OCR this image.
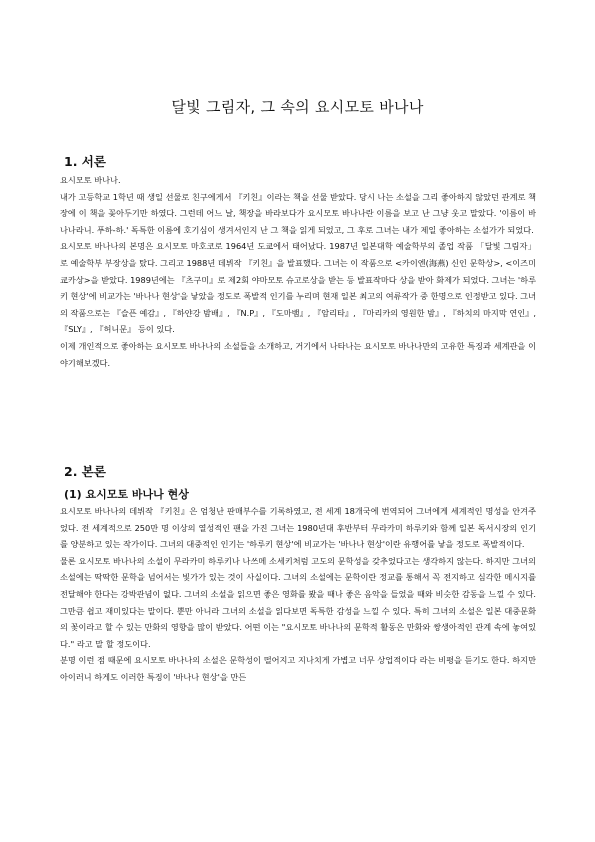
달빛 그림자, 그 속의 요시모토 바나나
1. 서론

요시모토 바나나.

내가 고등학교 1학년 때 생일 선물로 친구에게서 『키친』이라는 책을 선물 받았다. 당시 나는 소설을 그리 좋아하지 않았던 관계로 책장에 이 책을 꽂아두기만 하였다. 그런데 어느 날, 책장을 바라보다가 요시모토 바나나란 이름을 보고 난 그냥 웃고 말았다. '이름이 바나나라니. 푸하-하.' 독특한 이름에 호기심이 생겨서인지 난 그 책을 읽게 되었고, 그 후로 그녀는 내가 제일 좋아하는 소설가가 되었다.

요시모토 바나나의 본명은 요시모토 마호코로 1964년 도쿄에서 태어났다. 1987년 일본대학 예술학부의 졸업 작품 「달빛 그림자」로 예술학부 부장상을 탔다. 그리고 1988년 데뷔작 『키친』을 발표했다. 그녀는 이 작품으로 <카이엔(海燕) 신인 문학상>, <이즈미 쿄카상>을 받았다. 1989년에는 『츠구미』로 제2회 야마모토 슈고로상을 받는 등 발표작마다 상을 받아 화제가 되었다. 그녀는 '하루키 현상'에 비교가는 '바나나 현상'을 낳았을 정도로 폭발적 인기를 누리며 현재 일본 최고의 여류작가 중 한명으로 인정받고 있다. 그녀의 작품으로는 『슬픈 예감』, 『하얀강 밤배』, 『N.P』, 『도마뱀』, 『암리타』, 『마리카의 영원한 밤』, 『하치의 마지막 연인』, 『SLY』, 『허니문』 등이 있다.

이제 개인적으로 좋아하는 요시모토 바나나의 소설들을 소개하고, 거기에서 나타나는 요시모토 바나나만의 고유한 특징과 세계관을 이야기해보겠다.

2. 본론
(1) 요시모토 바나나 현상

요시모토 바나나의 데뷔작 『키친』은 엄청난 판매부수를 기록하였고, 전 세계 18개국에 번역되어 그녀에게 세계적인 명성을 안겨주었다. 전 세계적으로 250만 명 이상의 열성적인 팬을 가진 그녀는 1980년대 후반부터 무라카미 하루키와 함께 일본 독서시장의 인기를 양분하고 있는 작가이다. 그녀의 대중적인 인기는 '하루키 현상'에 비교가는 '바나나 현상'이란 유행어를 낳을 정도로 폭발적이다.

물론 요시모토 바나나의 소설이 무라카미 하루키나 나쓰메 소세키처럼 고도의 문학성을 갖추었다고는 생각하지 않는다. 하지만 그녀의 소설에는 딱딱한 문학을 넘어서는 빛가가 있는 것이 사실이다. 그녀의 소설에는 문학이란 정교를 통해서 꼭 전지하고 심각한 메시지를 전달해야 한다는 강박관념이 없다. 그녀의 소설을 읽으면 좋은 영화를 봤을 때나 좋은 음악을 들었을 때와 비슷한 감동을 느낄 수 있다. 그만큼 쉽고 재미있다는 말이다. 뿐만 아니라 그녀의 소설을 읽다보면 독특한 감성을 느낄 수 있다. 특히 그녀의 소설은 일본 대중문화의 꽃이라고 할 수 있는 만화의 영향을 많이 받았다. 어떤 이는 "요시모토 바나나의 문학적 활동은 만화와 쌍생아적인 관계 속에 놓여있다." 라고 말 할 정도이다.

분명 이런 점 때문에 요시모토 바나나의 소설은 문학성이 떨어지고 지나치게 가볍고 너무 상업적이다 라는 비평을 듣기도 한다. 하지만 아이러니 하게도 이러한 특징이 '바나나 현상'을 만든
